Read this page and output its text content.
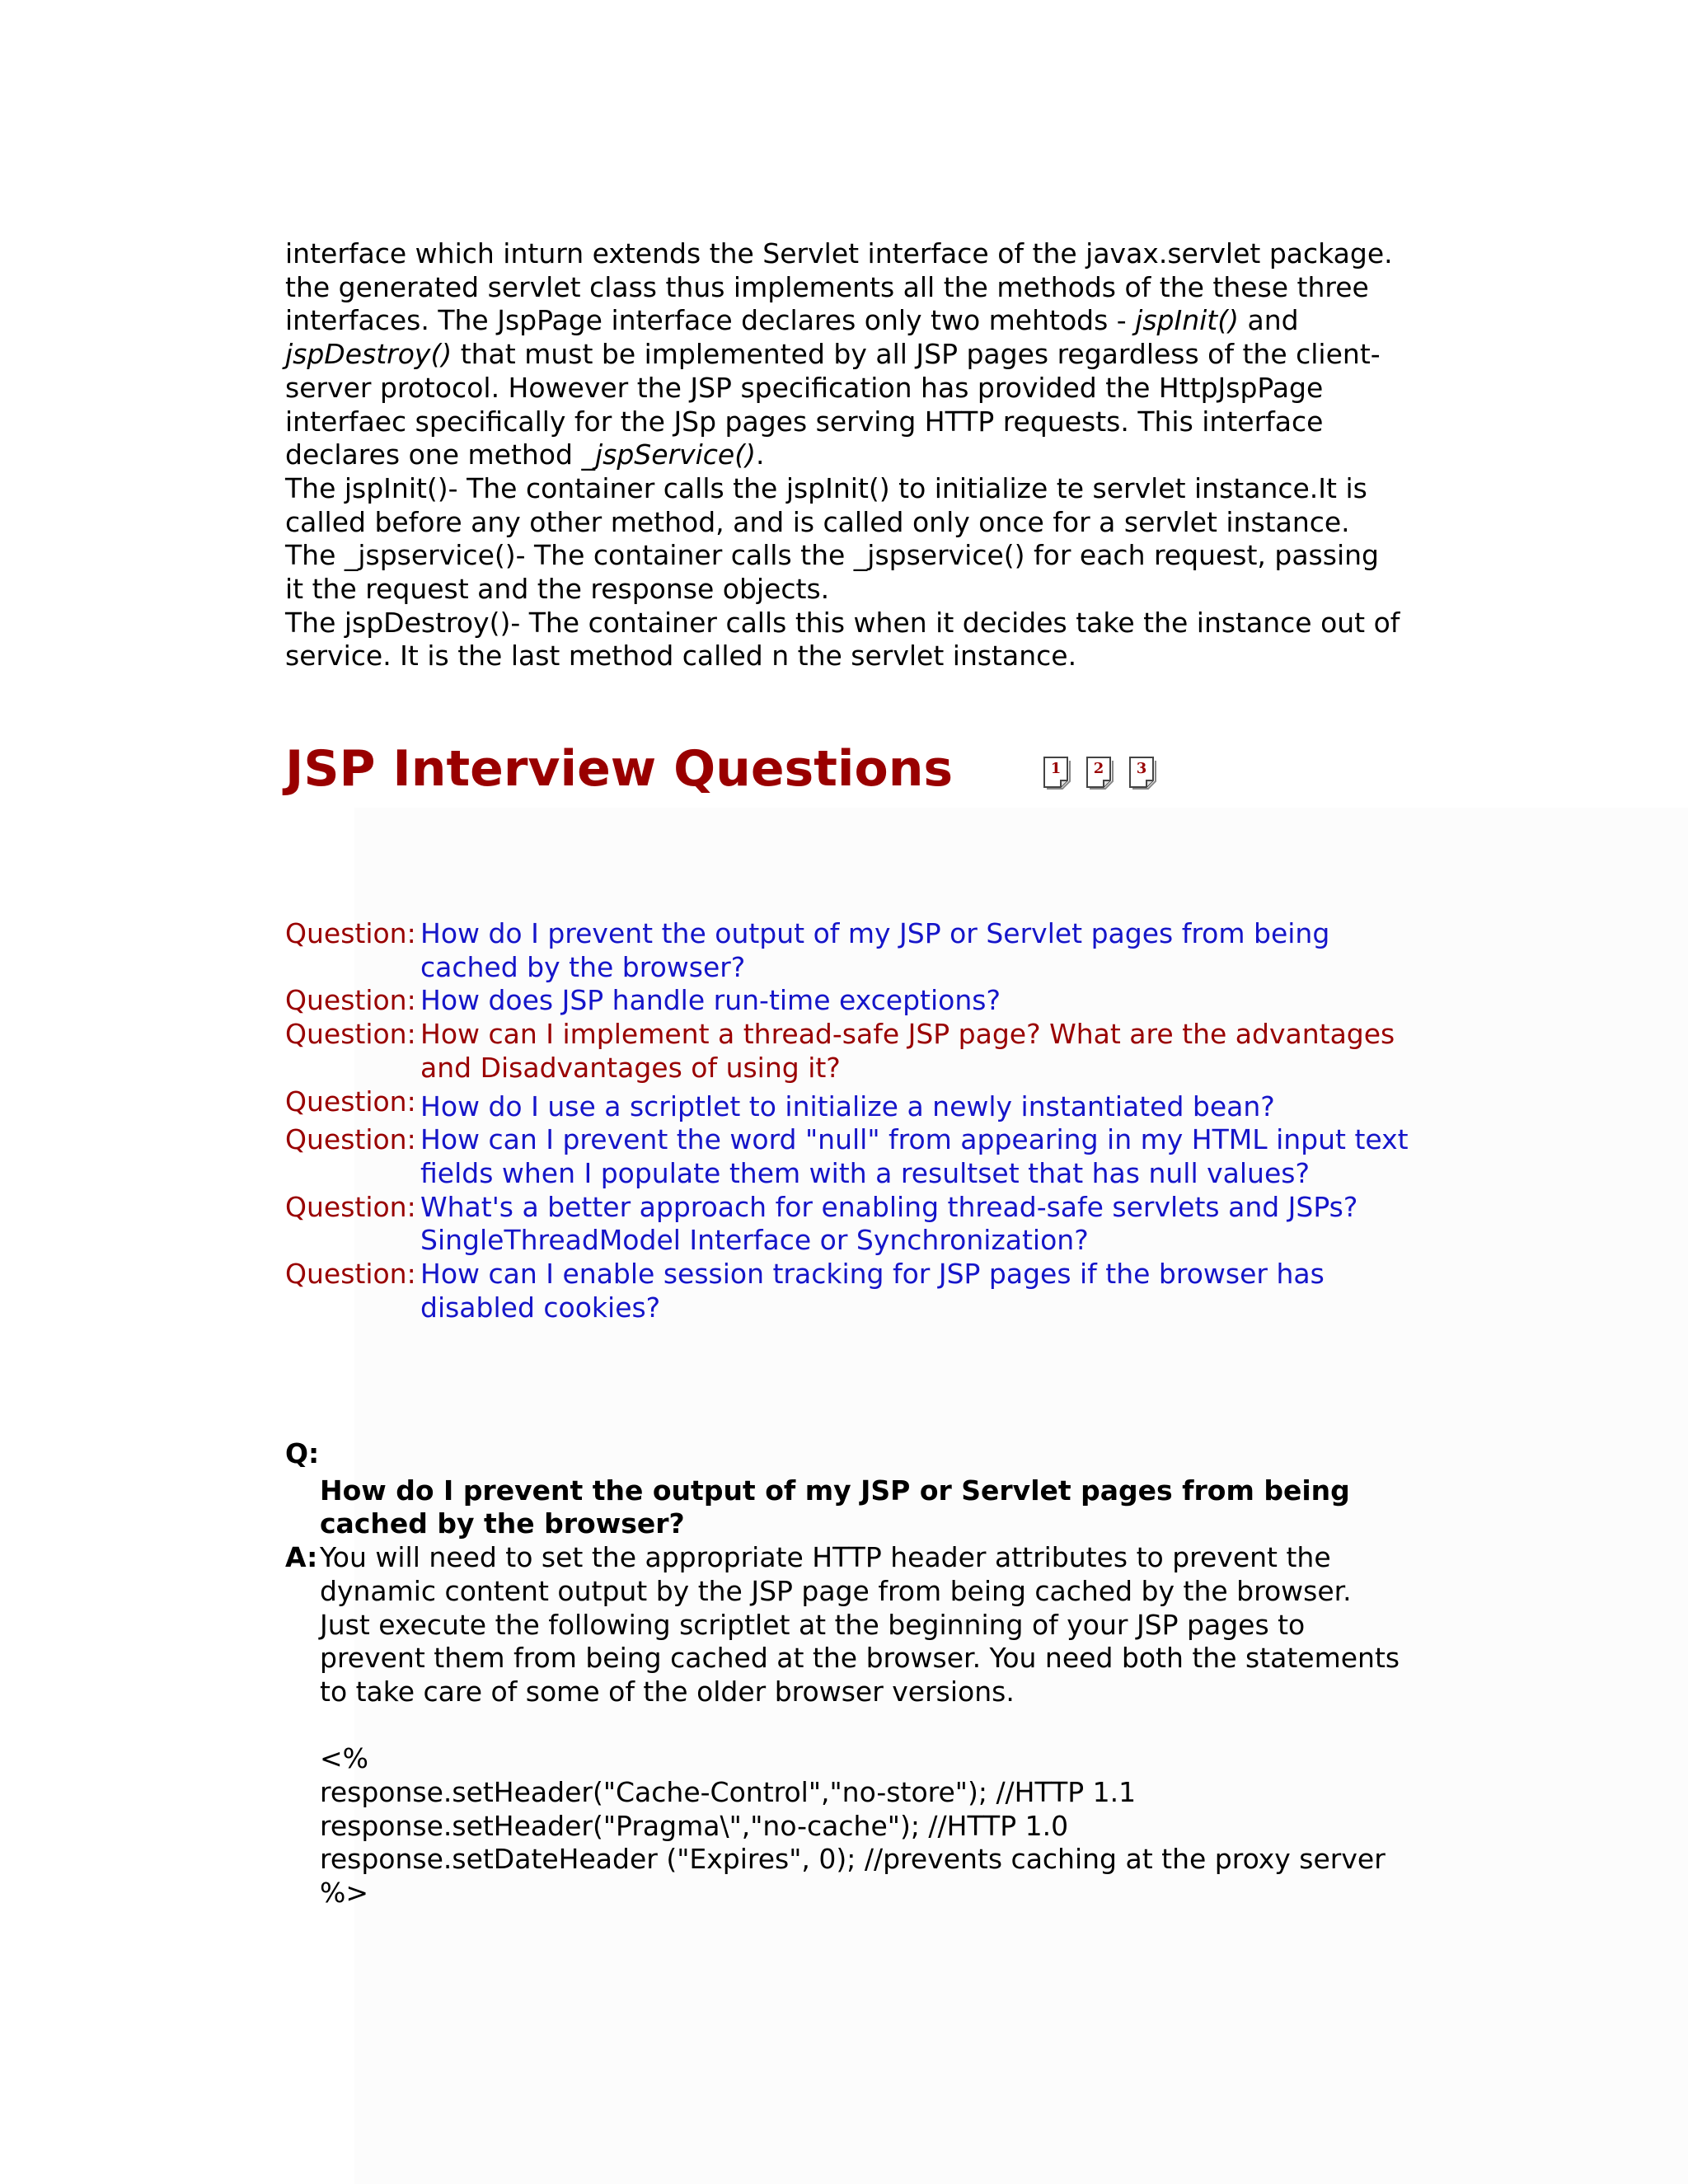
interface which inturn extends the Servlet interface of the javax.servlet package.
the generated servlet class thus implements all the methods of the these three
interfaces. The JspPage interface declares only two mehtods - jspInit() and
jspDestroy() that must be implemented by all JSP pages regardless of the client-
server protocol. However the JSP specification has provided the HttpJspPage
interfaec specifically for the JSp pages serving HTTP requests. This interface
declares one method _jspService().
The jspInit()- The container calls the jspInit() to initialize te servlet instance.It is
called before any other method, and is called only once for a servlet instance.
The _jspservice()- The container calls the _jspservice() for each request, passing
it the request and the response objects.
The jspDestroy()- The container calls this when it decides take the instance out of
service. It is the last method called n the servlet instance.
JSP Interview Questions	1	2	3
Question: How do I prevent the output of my JSP or Servlet pages from being
cached by the browser?
Question: How does JSP handle run-time exceptions?
Question: How can I implement a thread-safe JSP page? What are the advantages
and Disadvantages of using it?
Question: How do I use a scriptlet to initialize a newly instantiated bean?
Question: How can I prevent the word "null" from appearing in my HTML input text
fields when I populate them with a resultset that has null values?
Question: What's a better approach for enabling thread-safe servlets and JSPs?
SingleThreadModel Interface or Synchronization?
Question: How can I enable session tracking for JSP pages if the browser has
disabled cookies?
Q:
How do I prevent the output of my JSP or Servlet pages from being
cached by the browser?
A: You will need to set the appropriate HTTP header attributes to prevent the
dynamic content output by the JSP page from being cached by the browser.
Just execute the following scriptlet at the beginning of your JSP pages to
prevent them from being cached at the browser. You need both the statements
to take care of some of the older browser versions.
<%
response.setHeader("Cache-Control","no-store"); //HTTP 1.1
response.setHeader("Pragma\","no-cache"); //HTTP 1.0
response.setDateHeader ("Expires", 0); //prevents caching at the proxy server
%>
